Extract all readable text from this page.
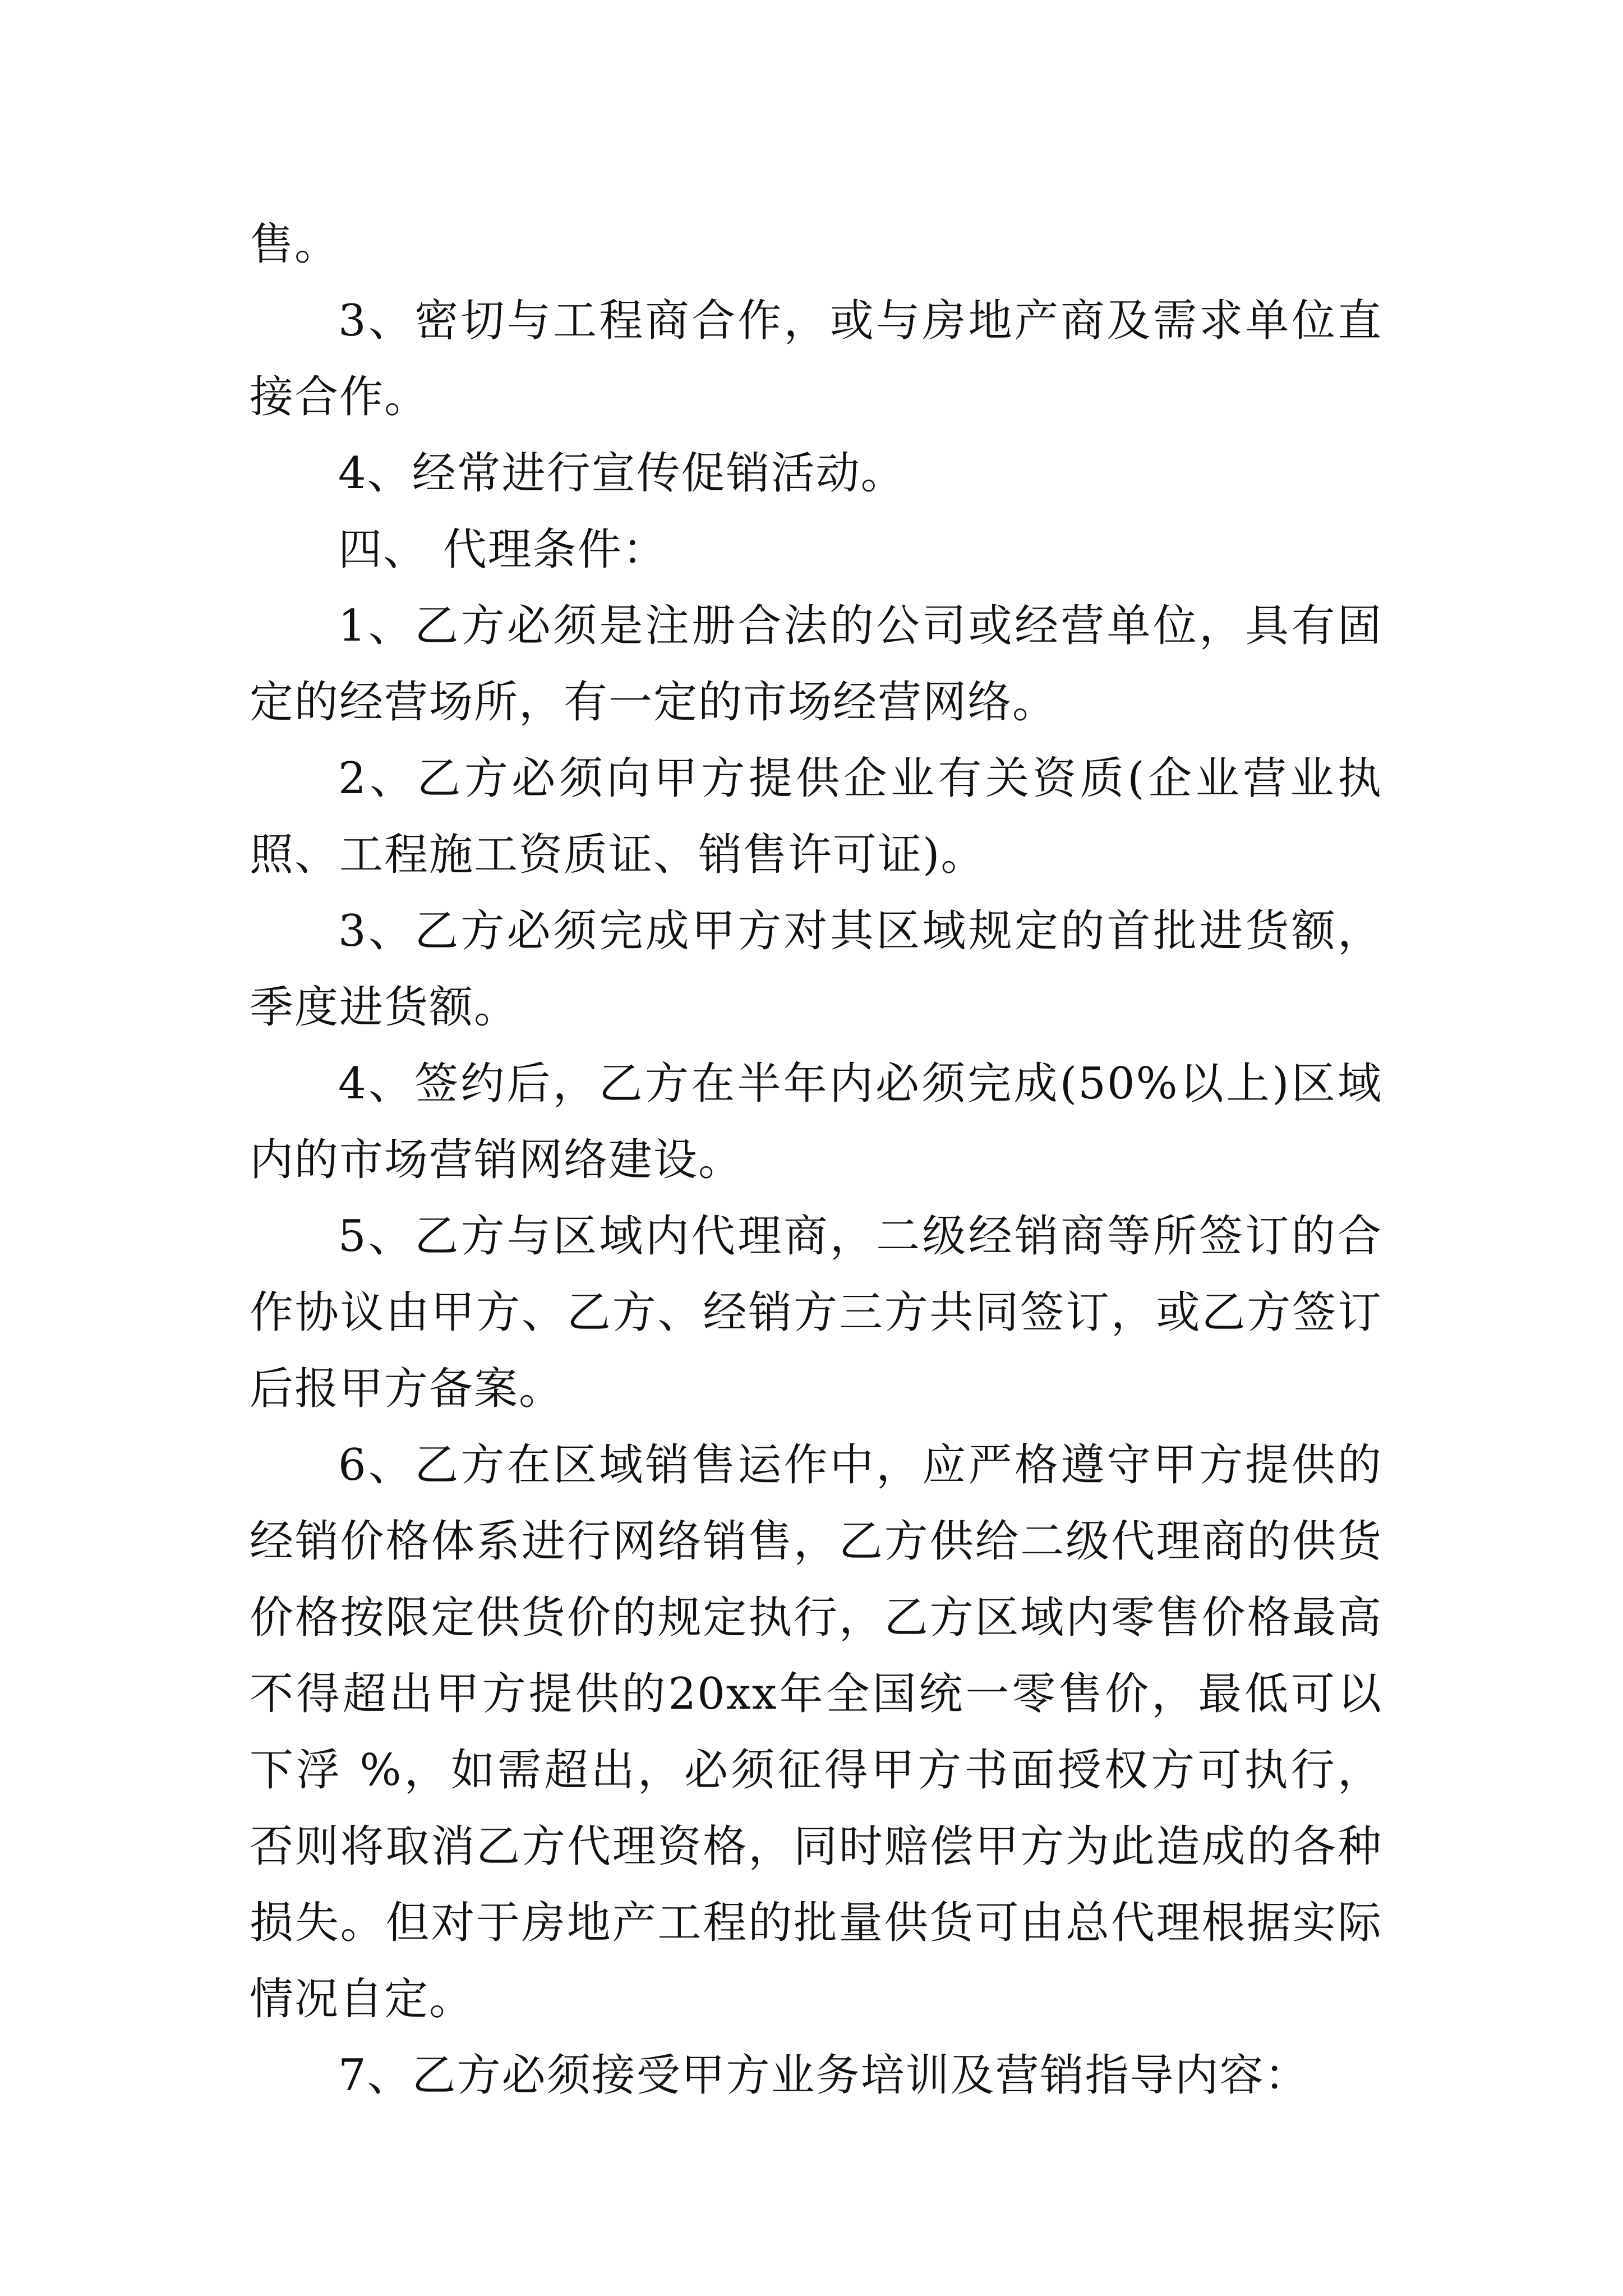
售。

3、密切与工程商合作，或与房地产商及需求单位直接合作。

4、经常进行宣传促销活动。

四、 代理条件：

1、乙方必须是注册合法的公司或经营单位，具有固定的经营场所，有一定的市场经营网络。

2、乙方必须向甲方提供企业有关资质(企业营业执照、工程施工资质证、销售许可证)。

3、乙方必须完成甲方对其区域规定的首批进货额，季度进货额。

4、签约后，乙方在半年内必须完成(50%以上)区域内的市场营销网络建设。

5、乙方与区域内代理商，二级经销商等所签订的合作协议由甲方、乙方、经销方三方共同签订，或乙方签订后报甲方备案。

6、乙方在区域销售运作中，应严格遵守甲方提供的经销价格体系进行网络销售，乙方供给二级代理商的供货价格按限定供货价的规定执行，乙方区域内零售价格最高不得超出甲方提供的20xx年全国统一零售价，最低可以下浮 %，如需超出，必须征得甲方书面授权方可执行，否则将取消乙方代理资格，同时赔偿甲方为此造成的各种损失。但对于房地产工程的批量供货可由总代理根据实际情况自定。

7、乙方必须接受甲方业务培训及营销指导内容：
